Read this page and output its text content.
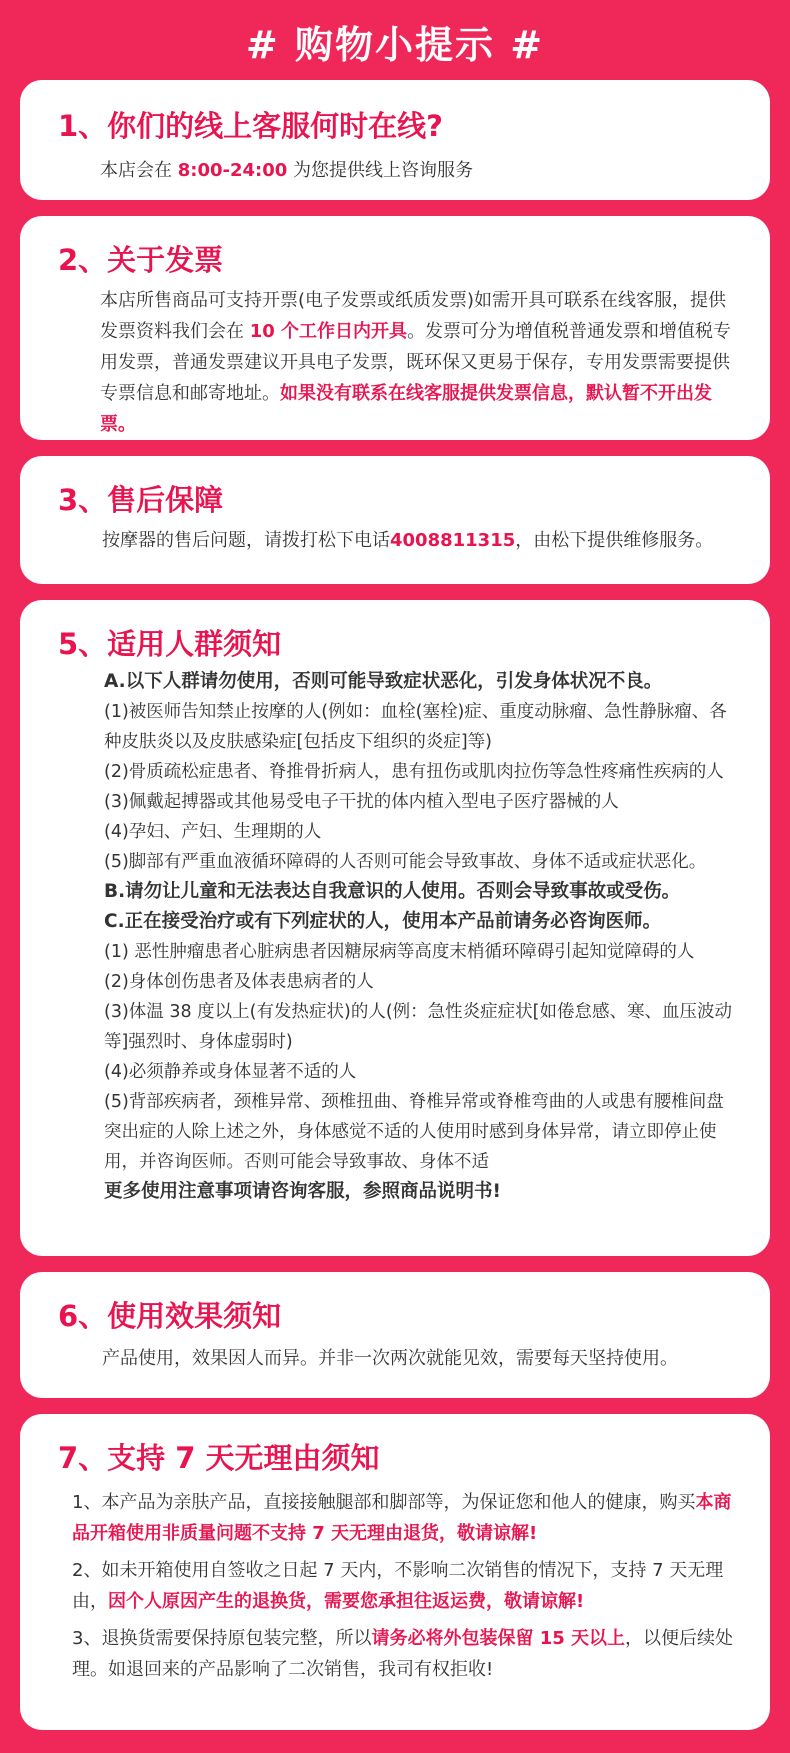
# 购物小提示 #
1、你们的线上客服何时在线?

本店会在 8:00-24:00 为您提供线上咨询服务

2、关于发票

本店所售商品可支持开票(电子发票或纸质发票)如需开具可联系在线客服，提供发票资料我们会在 10 个工作日内开具。发票可分为增值税普通发票和增值税专用发票，普通发票建议开具电子发票，既环保又更易于保存，专用发票需要提供专票信息和邮寄地址。如果没有联系在线客服提供发票信息，默认暂不开出发票。

3、售后保障

按摩器的售后问题，请拨打松下电话4008811315，由松下提供维修服务。

5、适用人群须知

A.以下人群请勿使用，否则可能导致症状恶化，引发身体状况不良。

(1)被医师告知禁止按摩的人(例如：血栓(塞栓)症、重度动脉瘤、急性静脉瘤、各种皮肤炎以及皮肤感染症[包括皮下组织的炎症]等)

(2)骨质疏松症患者、脊推骨折病人，患有扭伤或肌肉拉伤等急性疼痛性疾病的人

(3)佩戴起搏器或其他易受电子干扰的体内植入型电子医疗器械的人

(4)孕妇、产妇、生理期的人

(5)脚部有严重血液循环障碍的人否则可能会导致事故、身体不适或症状恶化。

B.请勿让儿童和无法表达自我意识的人使用。否则会导致事故或受伤。

C.正在接受治疗或有下列症状的人，使用本产品前请务必咨询医师。

(1) 恶性肿瘤患者心脏病患者因糖尿病等高度末梢循环障碍引起知觉障碍的人

(2)身体创伤患者及体表患病者的人

(3)体温 38 度以上(有发热症状)的人(例：急性炎症症状[如倦怠感、寒、血压波动等]强烈时、身体虚弱时)

(4)必须静养或身体显著不适的人

(5)背部疾病者，颈椎异常、颈椎扭曲、脊椎异常或脊椎弯曲的人或患有腰椎间盘突出症的人除上述之外，身体感觉不适的人使用时感到身体异常，请立即停止使用，并咨询医师。否则可能会导致事故、身体不适

更多使用注意事项请咨询客服，参照商品说明书!

6、使用效果须知

产品使用，效果因人而异。并非一次两次就能见效，需要每天坚持使用。

7、支持 7 天无理由须知

1、本产品为亲肤产品，直接接触腿部和脚部等，为保证您和他人的健康，购买本商品开箱使用非质量问题不支持 7 天无理由退货，敬请谅解!

2、如未开箱使用自签收之日起 7 天内，不影响二次销售的情况下，支持 7 天无理由，因个人原因产生的退换货，需要您承担往返运费，敬请谅解!

3、退换货需要保持原包装完整，所以请务必将外包装保留 15 天以上，以便后续处理。如退回来的产品影响了二次销售，我司有权拒收!
